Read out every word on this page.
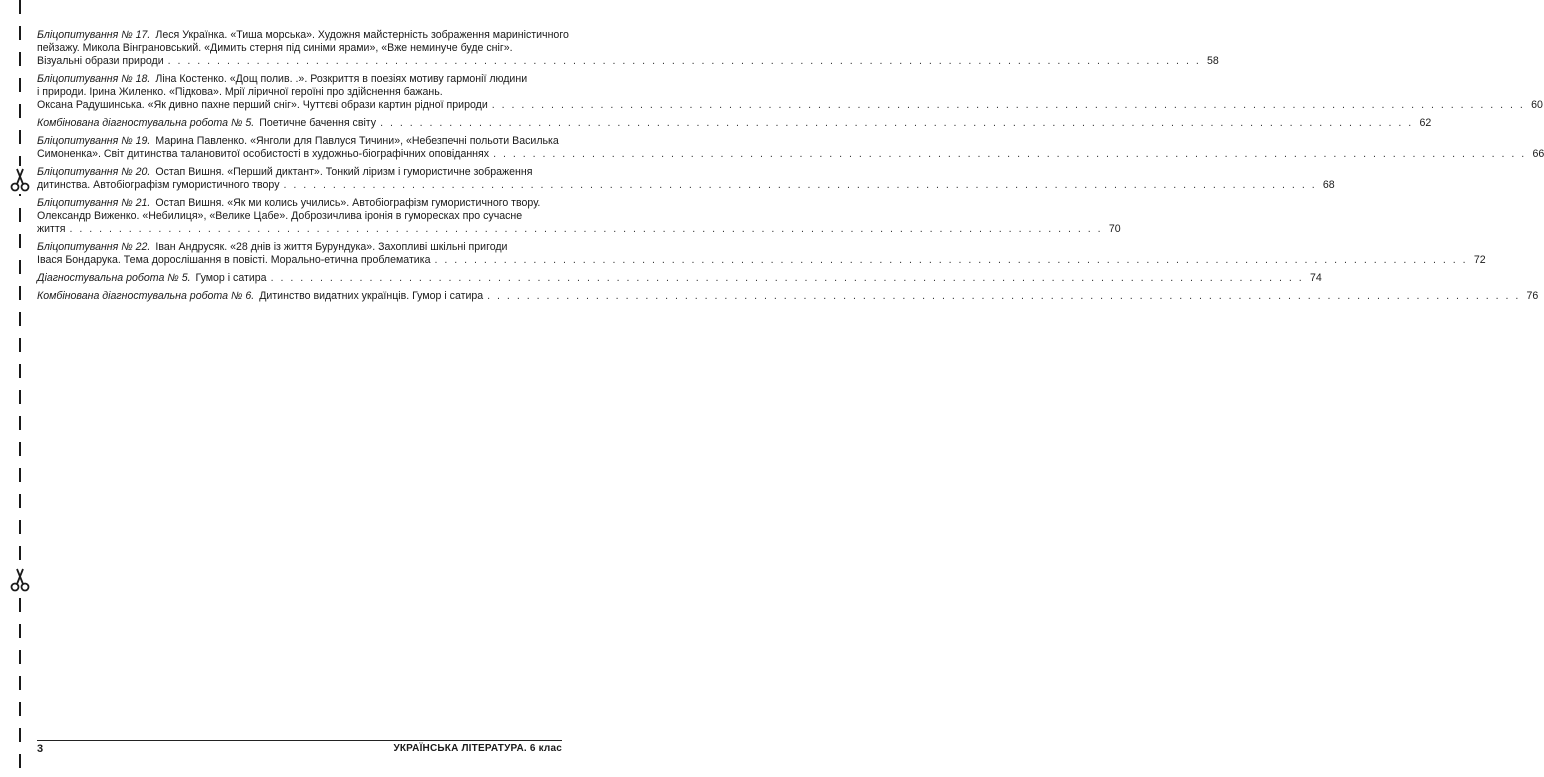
Бліцопитування № 17. Леся Українка. «Тиша морська». Художня майстерність зображення мариністичного
пейзажу. Микола Вінграновський. «Димить стерня під синіми ярами», «Вже неминуче буде сніг».
Візуальні образи природи . . .	58
Бліцопитування № 18. Ліна Костенко. «Дощ полив. .». Розкриття в поезіях мотиву гармонії людини
і природи. Ірина Жиленко. «Підкова». Мрії ліричної героїні про здійснення бажань.
Оксана Радушинська. «Як дивно пахне перший сніг». Чуттєві образи картин рідної природи . . .	60
Комбінована діагностувальна робота № 5. Поетичне бачення світу . . .	62
Бліцопитування № 19. Марина Павленко. «Янголи для Павлуся Тичини», «Небезпечні польоти Василька
Симоненка». Світ дитинства талановитої особистості в художньо-біографічних оповіданнях . . .	66
Бліцопитування № 20. Остап Вишня. «Перший диктант». Тонкий ліризм і гумористичне зображення
дитинства. Автобіографізм гумористичного твору . . .	68
Бліцопитування № 21. Остап Вишня. «Як ми колись учились». Автобіографізм гумористичного твору.
Олександр Виженко. «Небилиця», «Велике Цабе». Доброзичлива іронія в гуморесках про сучасне
життя . . .	70
Бліцопитування № 22. Іван Андрусяк. «28 днів із життя Бурундука». Захопливі шкільні пригоди
Івася Бондарука. Тема дорослішання в повісті. Морально-етична проблематика . . .	72
Діагностувальна робота № 5. Гумор і сатира . . .	74
Комбінована діагностувальна робота № 6. Дитинство видатних українців. Гумор і сатира . . .	76
3	УКРАЇНСЬКА ЛІТЕРАТУРА. 6 клас
